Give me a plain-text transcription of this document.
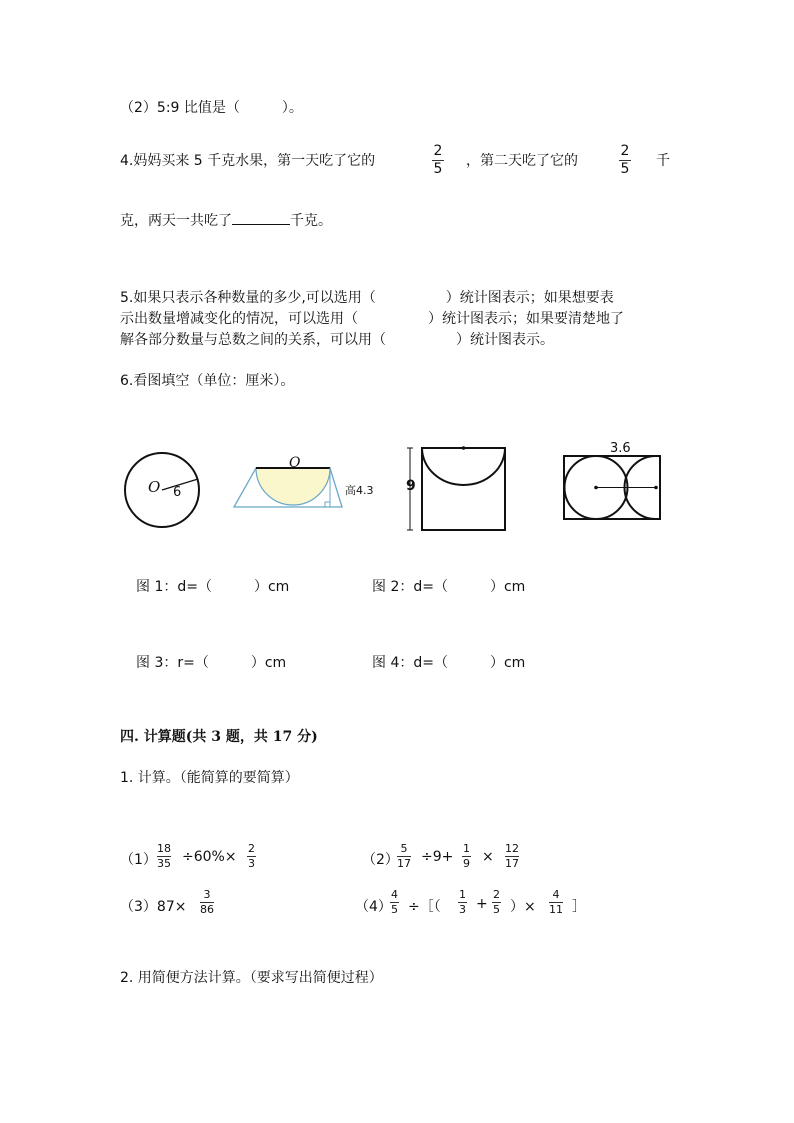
（2）5:9 比值是（　　　）。
4.妈妈买来 5 千克水果，第一天吃了它的
2
5 ，第二天吃了它的
2
5 千
克，两天一共吃了	千克。
5.如果只表示各种数量的多少,可以选用（　　　　　）统计图表示；如果想要表
示出数量增减变化的情况，可以选用（　　　　　）统计图表示；如果要清楚地了
解各部分数量与总数之间的关系，可以用（　　　　　）统计图表示。
6.看图填空（单位：厘米）。
O 6
O
高4.3 9
3.6
图 1：d=（　　　）cm	图 2：d=（　　　）cm
图 3：r=（　　　）cm	图 4：d=（　　　）cm
四. 计算题(共 3 题，共 17 分)
1. 计算。（能简算的要简算）
（1）
18
35 ÷60%×
2
3	（2）
5
17 ÷9+
1
9 ×
12
17
（3）87×
3
86	（4）
4
5 ÷［（
1
3 +
2
5 ）×
4
11 ］
2. 用简便方法计算。（要求写出简便过程）
